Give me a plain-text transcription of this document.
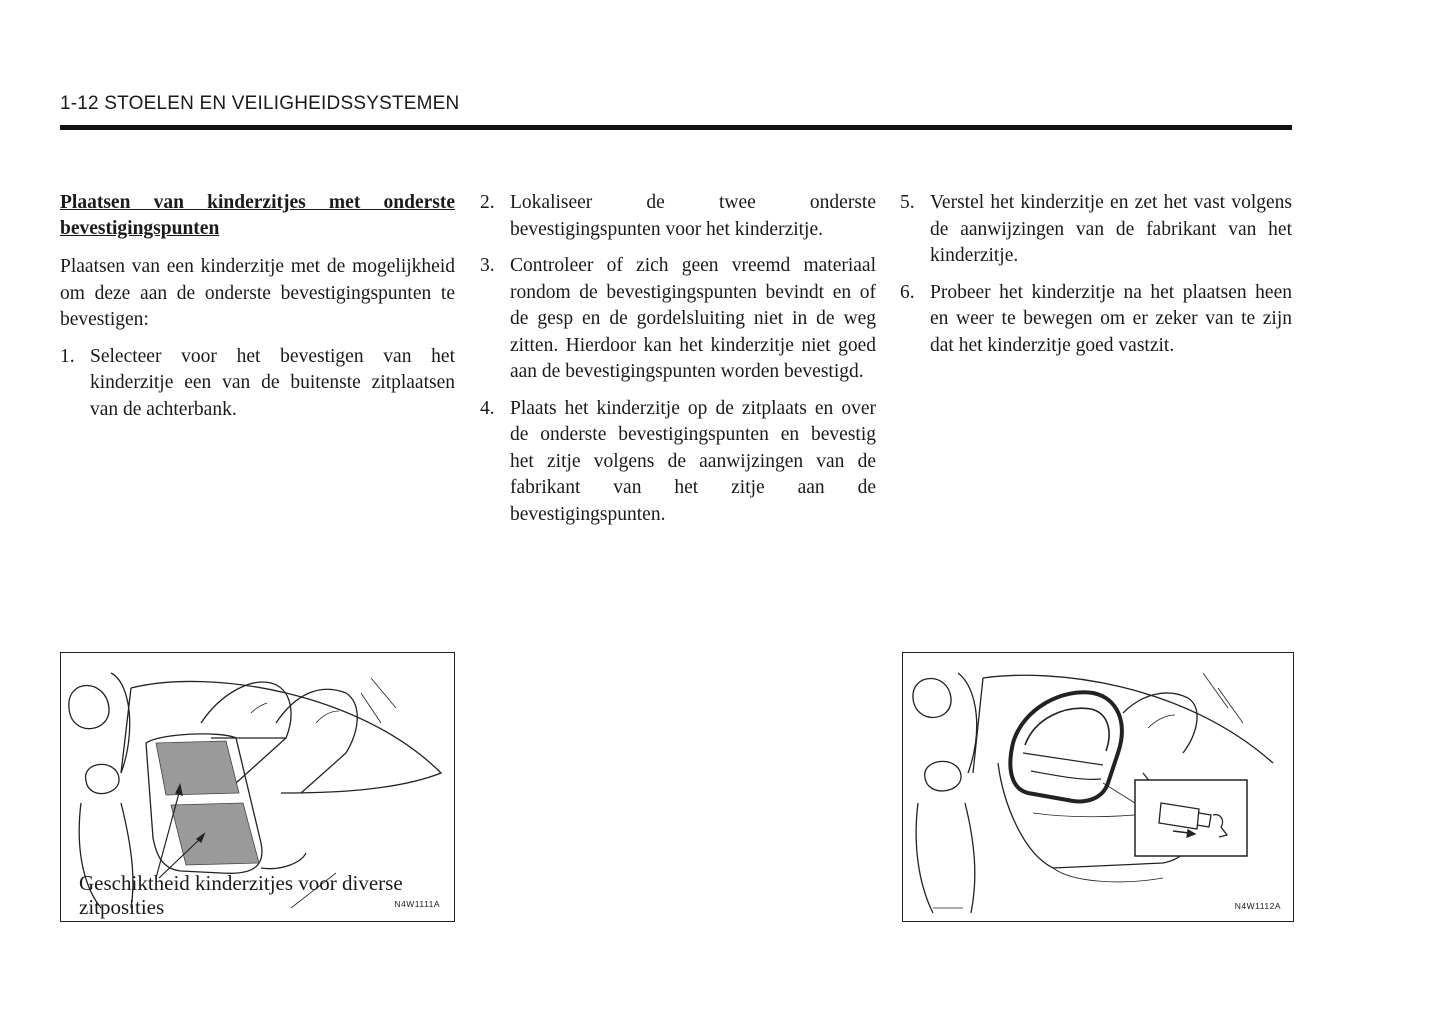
1-12 STOELEN EN VEILIGHEIDSSYSTEMEN
Plaatsen van kinderzitjes met onderste bevestigingspunten

Plaatsen van een kinderzitje met de mogelijkheid om deze aan de onderste bevestigingspunten te bevestigen:

1. Selecteer voor het bevestigen van het kinderzitje een van de buitenste zitplaatsen van de achterbank.
2. Lokaliseer de twee onderste bevestigingspunten voor het kinderzitje.
3. Controleer of zich geen vreemd materiaal rondom de bevestigingspunten bevindt en of de gesp en de gordelsluiting niet in de weg zitten. Hierdoor kan het kinderzitje niet goed aan de bevestigingspunten worden bevestigd.
4. Plaats het kinderzitje op de zitplaats en over de onderste bevestigingspunten en bevestig het zitje volgens de aanwijzingen van de fabrikant van het zitje aan de bevestigingspunten.
5. Verstel het kinderzitje en zet het vast volgens de aanwijzingen van de fabrikant van het kinderzitje.
6. Probeer het kinderzitje na het plaatsen heen en weer te bewegen om er zeker van te zijn dat het kinderzitje goed vastzit.
Geschiktheid kinderzitjes voor diverse
zitposities	N4W1111A	N4W1112A
